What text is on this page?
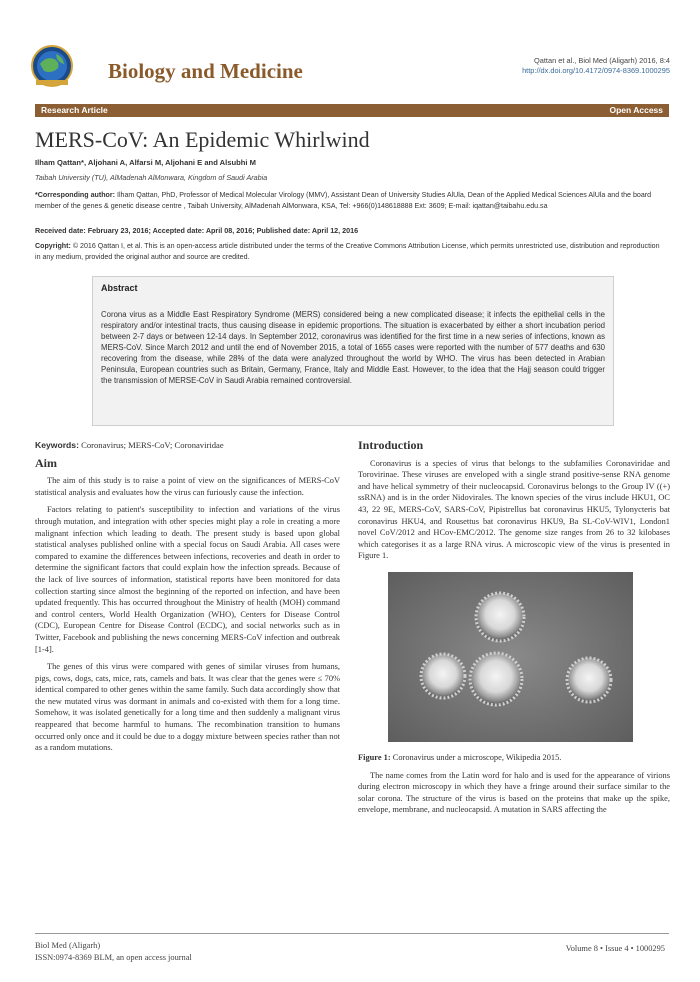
Biology and Medicine	Qattan et al., Biol Med (Aligarh) 2016, 8:4
http://dx.doi.org/10.4172/0974-8369.1000295
Research Article	Open Access
MERS-CoV: An Epidemic Whirlwind
Ilham Qattan*, Aljohani A, Alfarsi M, Aljohani E and Alsubhi M
Taibah University (TU), AlMadenah AlMonwara, Kingdom of Saudi Arabia
*Corresponding author: Ilham Qattan, PhD, Professor of Medical Molecular Virology (MMV), Assistant Dean of University Studies AlUla, Dean of the Applied Medical Sciences AlUla and the board member of the genes & genetic disease centre , Taibah University, AlMadenah AlMonwara, KSA, Tel: +966(0)148618888 Ext: 3609; E-mail: iqattan@taibahu.edu.sa
Received date: February 23, 2016; Accepted date: April 08, 2016; Published date: April 12, 2016
Copyright: © 2016 Qattan I, et al. This is an open-access article distributed under the terms of the Creative Commons Attribution License, which permits unrestricted use, distribution and reproduction in any medium, provided the original author and source are credited.
Abstract
Corona virus as a Middle East Respiratory Syndrome (MERS) considered being a new complicated disease; it infects the epithelial cells in the respiratory and/or intestinal tracts, thus causing disease in epidemic proportions. The situation is exacerbated by either a short incubation period between 2-7 days or between 12-14 days. In September 2012, coronavirus was identified for the first time in a new series of infections, known as MERS-CoV. Since March 2012 and until the end of November 2015, a total of 1655 cases were reported with the number of 577 deaths and 630 recovering from the disease, while 28% of the data were analyzed throughout the world by WHO. The virus has been detected in Arabian Peninsula, European countries such as Britain, Germany, France, Italy and Middle East. However, to the idea that the Hajj season could trigger the transmission of MERSE-CoV in Saudi Arabia remained controversial.

Keywords: Coronavirus; MERS-CoV; Coronaviridae

Aim

The aim of this study is to raise a point of view on the significances of MERS-CoV statistical analysis and evaluates how the virus can furiously cause the infection.

Factors relating to patient's susceptibility to infection and variations of the virus through mutation, and integration with other species might play a role in creating a more malignant infection which leading to death. The present study is based upon global statistical analyses published online with a special focus on Saudi Arabia. All cases were compared to examine the differences between infections, recoveries and death in order to determine the significant factors that could explain how the infection spreads. Because of the lack of live sources of information, statistical reports have been monitored for data collection starting since almost the beginning of the reported on infection, and have been updated frequently. This has occurred throughout the Ministry of health (MOH) command and control centers, World Health Organization (WHO), Centers for Disease Control (CDC), European Centre for Disease Control (ECDC), and social networks such as in Twitter, Facebook and publishing the news concerning MERS-CoV infection and outbreak [1-4].

The genes of this virus were compared with genes of similar viruses from humans, pigs, cows, dogs, cats, mice, rats, camels and bats. It was clear that the genes were ≤ 70% identical compared to other genes within the same family. Such data accordingly show that the new mutated virus was dormant in animals and co-existed with them for a long time. Somehow, it was isolated genetically for a long time and then suddenly a malignant virus reappeared that become harmful to humans. The recombination transition to humans occurred only once and it could be due to a doggy mixture between species rather than not as a random mutations.

Introduction

Coronavirus is a species of virus that belongs to the subfamilies Coronaviridae and Torovirinae. These viruses are enveloped with a single strand positive-sense RNA genome and have helical symmetry of their nucleocapsid. Coronavirus belongs to the Group IV ((+) ssRNA) and is in the order Nidovirales. The known species of the virus include HKU1, OC 43, 22 9E, MERS-CoV, SARS-CoV, Pipistrellus bat coronavirus HKU5, Tylonycteris bat coronavirus HKU4, and Rousettus bat coronavirus HKU9, Ba SL-CoV-WIV1, London1 novel CoV/2012 and HCov-EMC/2012. The genome size ranges from 26 to 32 kilobases which categorises it as a large RNA virus. A microscopic view of the virus is presented in Figure 1.

Figure 1: Coronavirus under a microscope, Wikipedia 2015.

The name comes from the Latin word for halo and is used for the appearance of virions during electron microscopy in which they have a fringe around their surface similar to the solar corona. The structure of the virus is based on the proteins that make up the spike, envelope, membrane, and nucleocapsid. A mutation in SARS affecting the

Biol Med (Aligarh)
ISSN:0974-8369 BLM, an open access journal
Volume 8 • Issue 4 • 1000295
